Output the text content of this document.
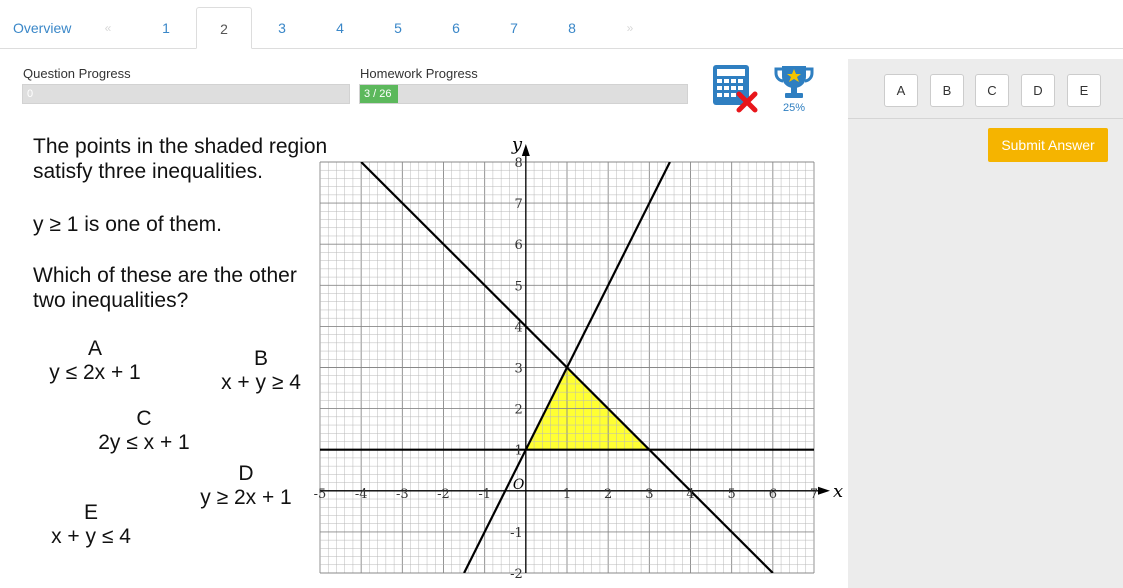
Overview	«	1	2	3	4	5	6	7	8	»
Question Progress
0
Homework Progress
3 / 26
25%
A	B	C	D	E
Submit Answer
The points in the shaded region
satisfy three inequalities.
y ≥ 1 is one of them.
Which of these are the other
two inequalities?
A
y ≤ 2x + 1
B
x + y ≥ 4
C
2y ≤ x + 1
D
y ≥ 2x + 1
E
x + y ≤ 4
x
y
O
-5 -4 -3 -2 -1	1	2	3	4	5	6	7
-2
-1
1
2
3
4
5
6
7
8
